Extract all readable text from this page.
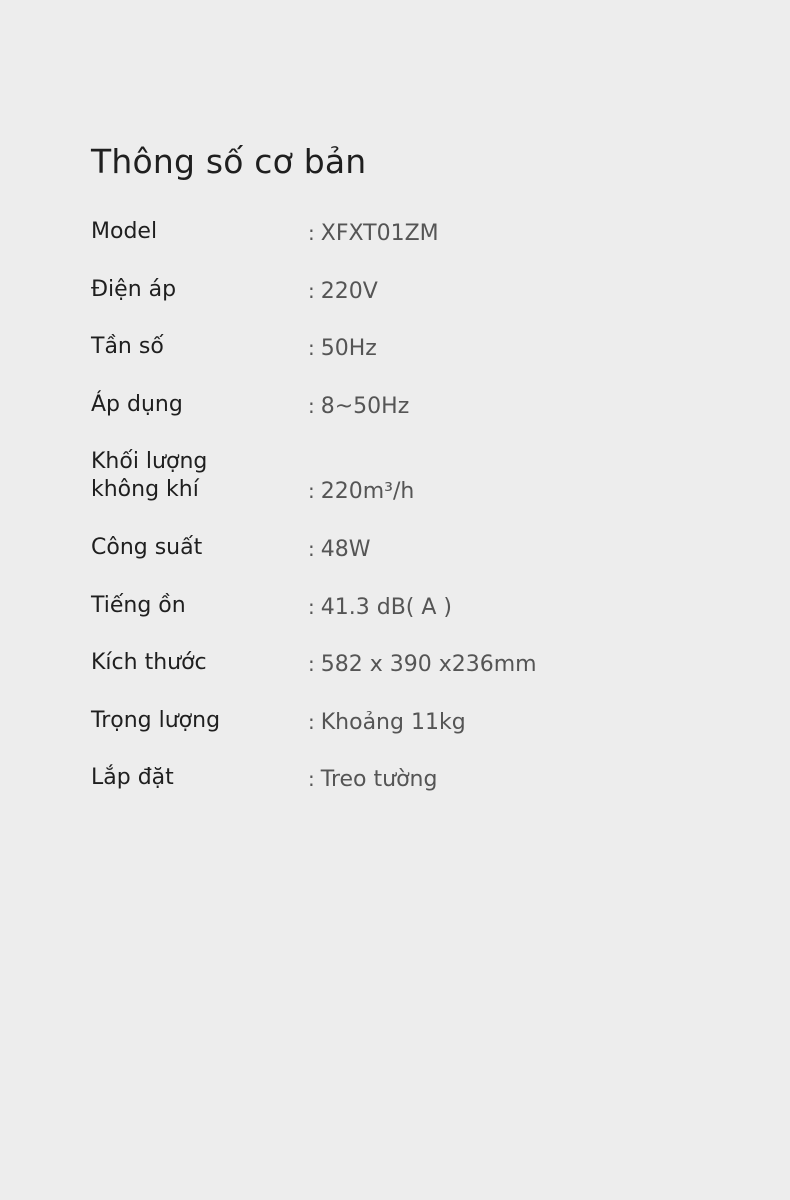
Thông số cơ bản
Model	: XFXT01ZM
Điện áp	: 220V
Tần số	: 50Hz
Áp dụng	: 8~50Hz
Khối lượng
không khí	: 220m³/h
Công suất	: 48W
Tiếng ồn	: 41.3 dB( A )
Kích thước	: 582 x 390 x236mm
Trọng lượng	: Khoảng 11kg
Lắp đặt	: Treo tường
